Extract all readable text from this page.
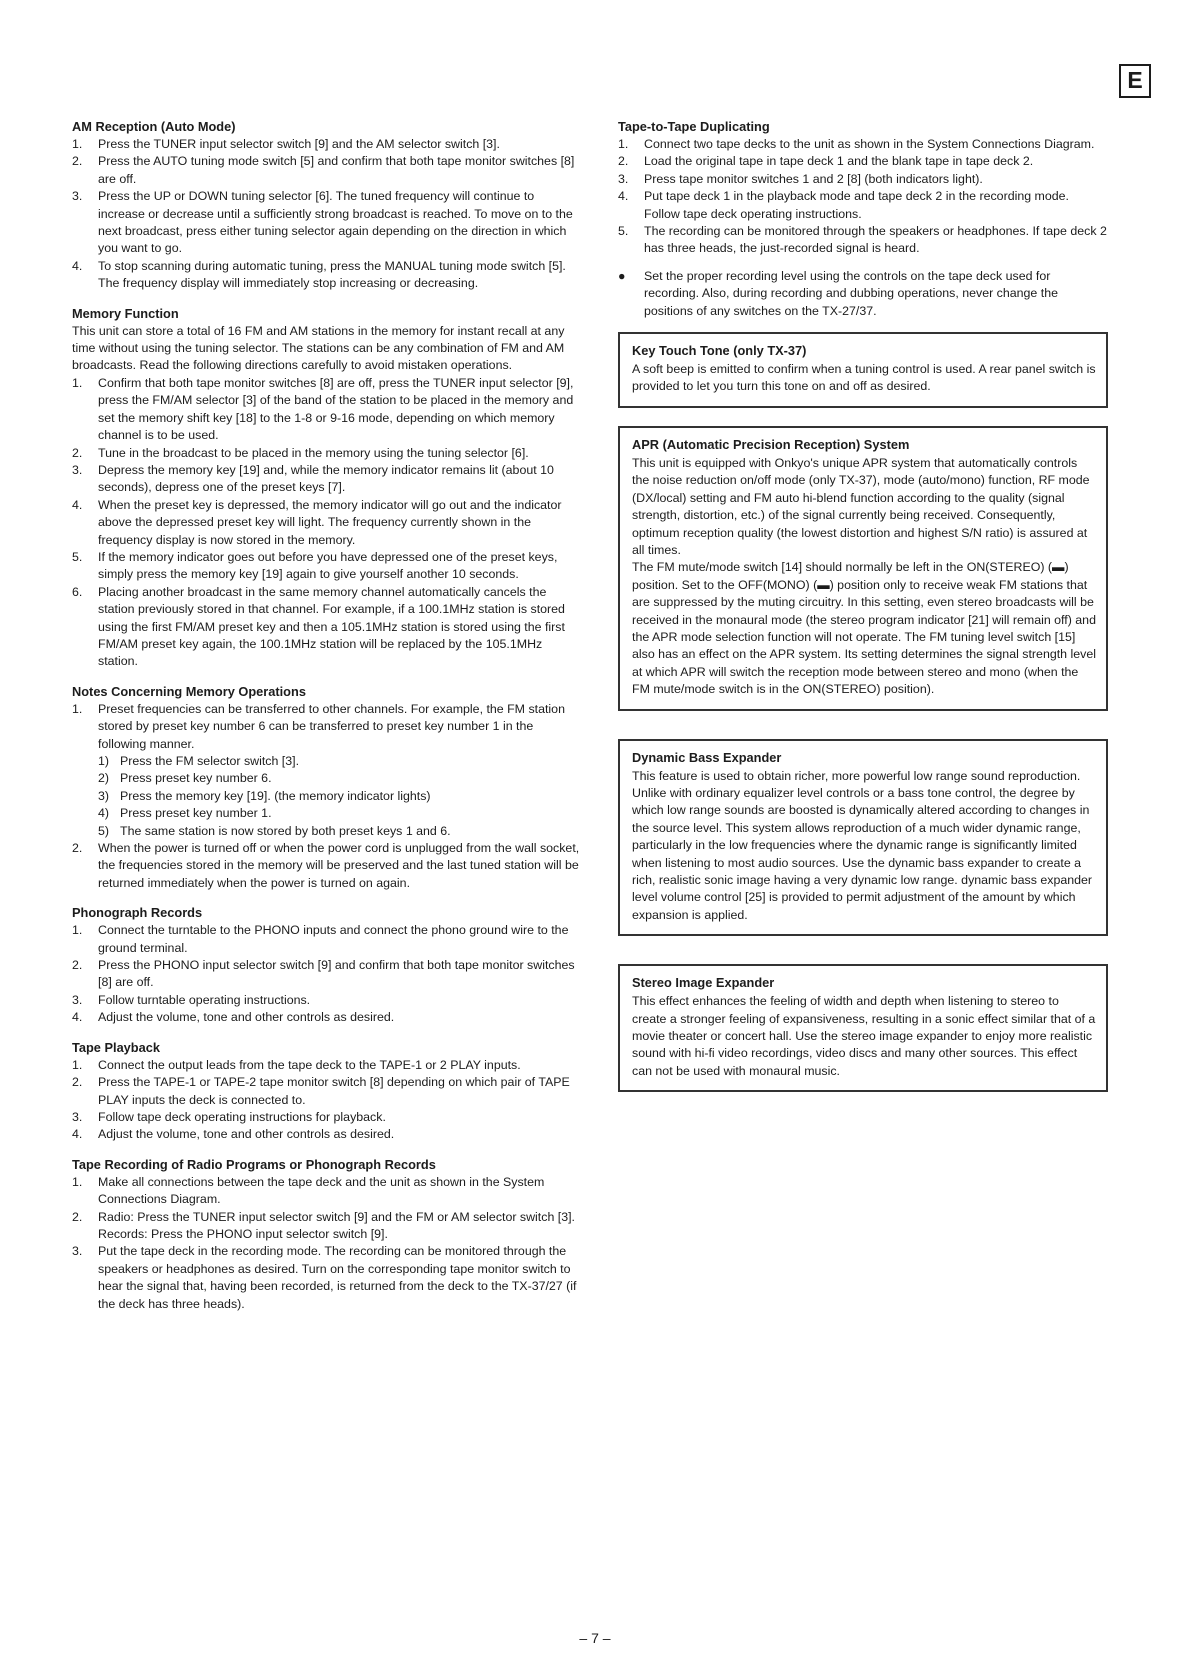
E
AM Reception (Auto Mode)
1. Press the TUNER input selector switch [9] and the AM selector switch [3].
2. Press the AUTO tuning mode switch [5] and confirm that both tape monitor switches [8] are off.
3. Press the UP or DOWN tuning selector [6]. The tuned frequency will continue to increase or decrease until a sufficiently strong broadcast is reached. To move on to the next broadcast, press either tuning selector again depending on the direction in which you want to go.
4. To stop scanning during automatic tuning, press the MANUAL tuning mode switch [5]. The frequency display will immediately stop increasing or decreasing.
Memory Function

This unit can store a total of 16 FM and AM stations in the memory for instant recall at any time without using the tuning selector. The stations can be any combination of FM and AM broadcasts. Read the following directions carefully to avoid mistaken operations.

1. Confirm that both tape monitor switches [8] are off, press the TUNER input selector [9], press the FM/AM selector [3] of the band of the station to be placed in the memory and set the memory shift key [18] to the 1-8 or 9-16 mode, depending on which memory channel is to be used.
2. Tune in the broadcast to be placed in the memory using the tuning selector [6].
3. Depress the memory key [19] and, while the memory indicator remains lit (about 10 seconds), depress one of the preset keys [7].
4. When the preset key is depressed, the memory indicator will go out and the indicator above the depressed preset key will light. The frequency currently shown in the frequency display is now stored in the memory.
5. If the memory indicator goes out before you have depressed one of the preset keys, simply press the memory key [19] again to give yourself another 10 seconds.
6. Placing another broadcast in the same memory channel automatically cancels the station previously stored in that channel. For example, if a 100.1MHz station is stored using the first FM/AM preset key and then a 105.1MHz station is stored using the first FM/AM preset key again, the 100.1MHz station will be replaced by the 105.1MHz station.
Notes Concerning Memory Operations
1. Preset frequencies can be transferred to other channels. For example, the FM station stored by preset key number 6 can be transferred to preset key number 1 in the following manner.
1) Press the FM selector switch [3].
2) Press preset key number 6.
3) Press the memory key [19]. (the memory indicator lights)
4) Press preset key number 1.
5) The same station is now stored by both preset keys 1 and 6.
2. When the power is turned off or when the power cord is unplugged from the wall socket, the frequencies stored in the memory will be preserved and the last tuned station will be returned immediately when the power is turned on again.
Phonograph Records
1. Connect the turntable to the PHONO inputs and connect the phono ground wire to the ground terminal.
2. Press the PHONO input selector switch [9] and confirm that both tape monitor switches [8] are off.
3. Follow turntable operating instructions.
4. Adjust the volume, tone and other controls as desired.
Tape Playback
1. Connect the output leads from the tape deck to the TAPE-1 or 2 PLAY inputs.
2. Press the TAPE-1 or TAPE-2 tape monitor switch [8] depending on which pair of TAPE PLAY inputs the deck is connected to.
3. Follow tape deck operating instructions for playback.
4. Adjust the volume, tone and other controls as desired.
Tape Recording of Radio Programs or Phonograph Records
1. Make all connections between the tape deck and the unit as shown in the System Connections Diagram.
2. Radio: Press the TUNER input selector switch [9] and the FM or AM selector switch [3].
Records: Press the PHONO input selector switch [9].
3. Put the tape deck in the recording mode. The recording can be monitored through the speakers or headphones as desired. Turn on the corresponding tape monitor switch to hear the signal that, having been recorded, is returned from the deck to the TX-37/27 (if the deck has three heads).
Tape-to-Tape Duplicating
1. Connect two tape decks to the unit as shown in the System Connections Diagram.
2. Load the original tape in tape deck 1 and the blank tape in tape deck 2.
3. Press tape monitor switches 1 and 2 [8] (both indicators light).
4. Put tape deck 1 in the playback mode and tape deck 2 in the recording mode. Follow tape deck operating instructions.
5. The recording can be monitored through the speakers or headphones. If tape deck 2 has three heads, the just-recorded signal is heard.
● Set the proper recording level using the controls on the tape deck used for recording. Also, during recording and dubbing operations, never change the positions of any switches on the TX-27/37.
Key Touch Tone (only TX-37)

A soft beep is emitted to confirm when a tuning control is used. A rear panel switch is provided to let you turn this tone on and off as desired.

APR (Automatic Precision Reception) System

This unit is equipped with Onkyo's unique APR system that automatically controls the noise reduction on/off mode (only TX-37), mode (auto/mono) function, RF mode (DX/local) setting and FM auto hi-blend function according to the quality (signal strength, distortion, etc.) of the signal currently being received. Consequently, optimum reception quality (the lowest distortion and highest S/N ratio) is assured at all times.

The FM mute/mode switch [14] should normally be left in the ON(STEREO) (▬) position. Set to the OFF(MONO) (▬) position only to receive weak FM stations that are suppressed by the muting circuitry. In this setting, even stereo broadcasts will be received in the monaural mode (the stereo program indicator [21] will remain off) and the APR mode selection function will not operate. The FM tuning level switch [15] also has an effect on the APR system. Its setting determines the signal strength level at which APR will switch the reception mode between stereo and mono (when the FM mute/mode switch is in the ON(STEREO) position).

Dynamic Bass Expander

This feature is used to obtain richer, more powerful low range sound reproduction. Unlike with ordinary equalizer level controls or a bass tone control, the degree by which low range sounds are boosted is dynamically altered according to changes in the source level. This system allows reproduction of a much wider dynamic range, particularly in the low frequencies where the dynamic range is significantly limited when listening to most audio sources. Use the dynamic bass expander to create a rich, realistic sonic image having a very dynamic low range. dynamic bass expander level volume control [25] is provided to permit adjustment of the amount by which expansion is applied.

Stereo Image Expander

This effect enhances the feeling of width and depth when listening to stereo to create a stronger feeling of expansiveness, resulting in a sonic effect similar that of a movie theater or concert hall. Use the stereo image expander to enjoy more realistic sound with hi-fi video recordings, video discs and many other sources. This effect can not be used with monaural music.

– 7 –
